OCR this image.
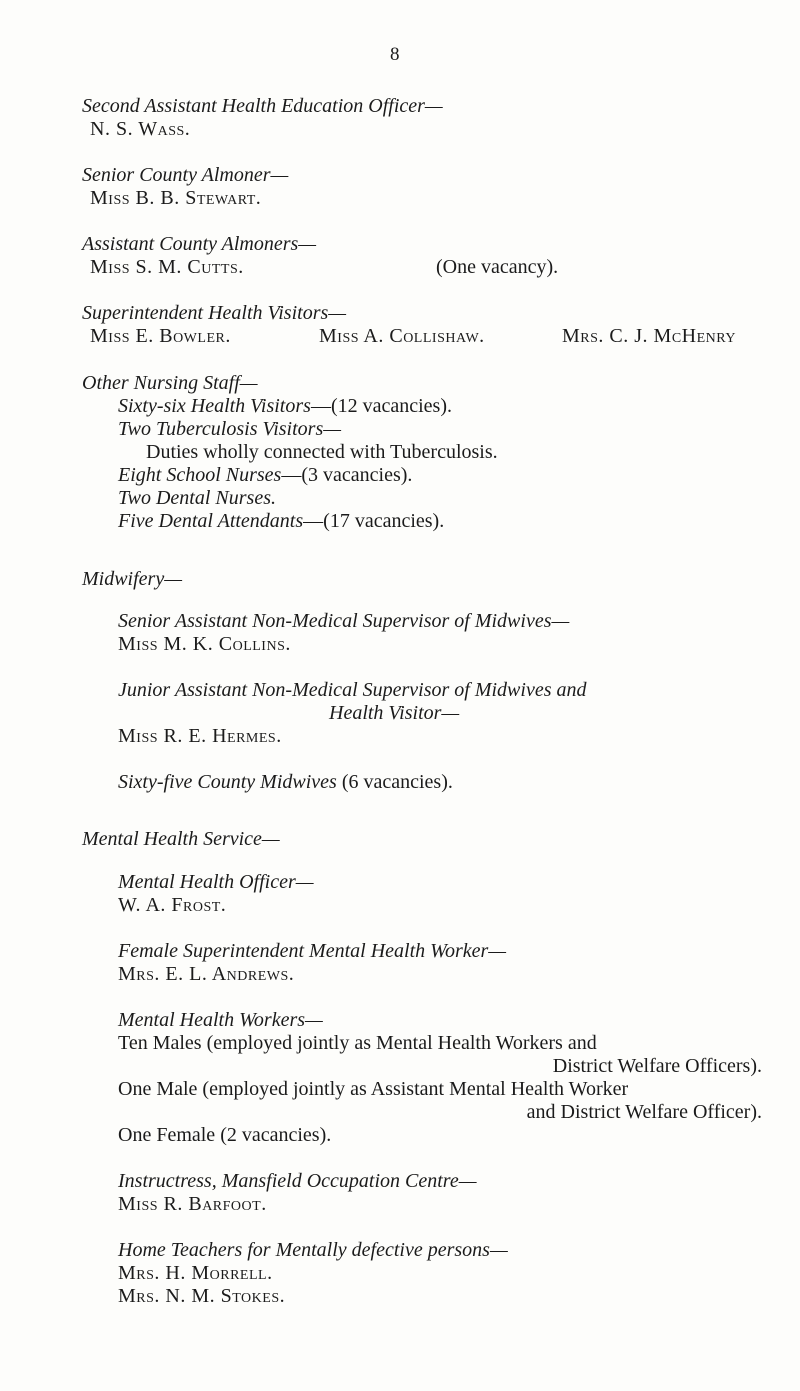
8
Second Assistant Health Education Officer—
N. S. Wass.
Senior County Almoner—
Miss B. B. Stewart.
Assistant County Almoners—
Miss S. M. Cutts.	(One vacancy).
Superintendent Health Visitors—
Miss E. Bowler.	Miss A. Collishaw.	Mrs. C. J. McHenry
Other Nursing Staff—
Sixty-six Health Visitors—(12 vacancies).
Two Tuberculosis Visitors—
Duties wholly connected with Tuberculosis.
Eight School Nurses—(3 vacancies).
Two Dental Nurses.
Five Dental Attendants—(17 vacancies).
Midwifery—
Senior Assistant Non-Medical Supervisor of Midwives—
Miss M. K. Collins.
Junior Assistant Non-Medical Supervisor of Midwives and
Health Visitor—
Miss R. E. Hermes.
Sixty-five County Midwives (6 vacancies).
Mental Health Service—
Mental Health Officer—
W. A. Frost.
Female Superintendent Mental Health Worker—
Mrs. E. L. Andrews.
Mental Health Workers—
Ten Males (employed jointly as Mental Health Workers and
District Welfare Officers).
One Male (employed jointly as Assistant Mental Health Worker
and District Welfare Officer).
One Female (2 vacancies).
Instructress, Mansfield Occupation Centre—
Miss R. Barfoot.
Home Teachers for Mentally defective persons—
Mrs. H. Morrell.
Mrs. N. M. Stokes.
